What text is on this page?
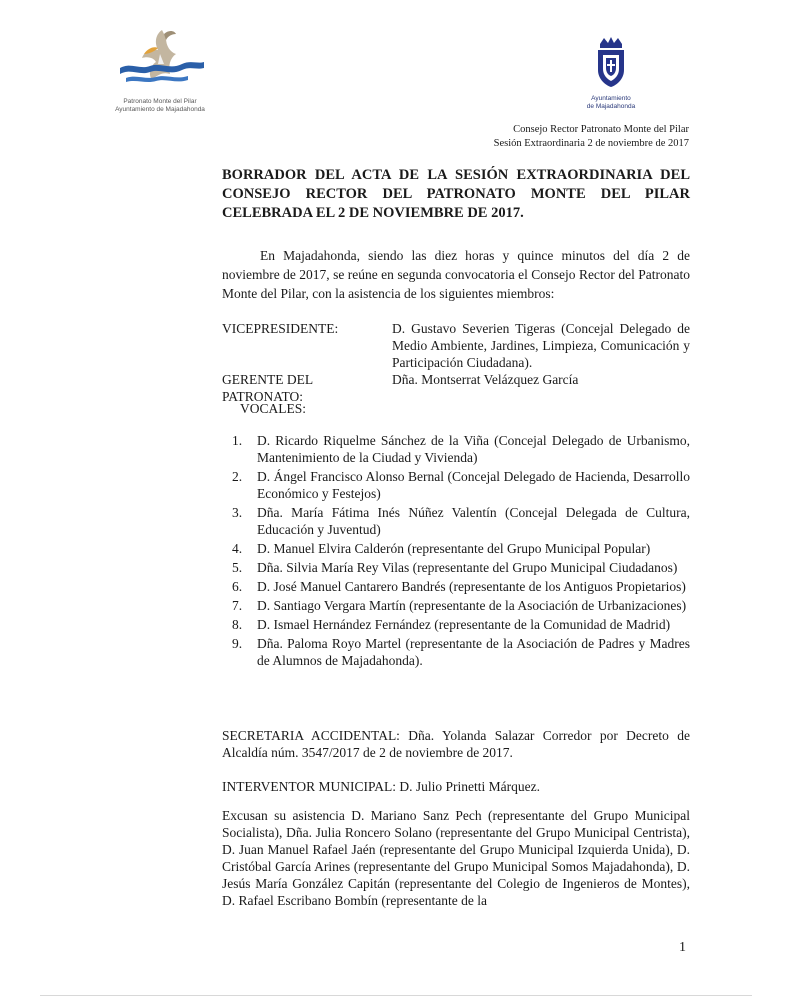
Patronato Monte del Pilar
Ayuntamiento de Majadahonda
Ayuntamiento
de Majadahonda
Consejo Rector Patronato Monte del Pilar
Sesión Extraordinaria 2 de noviembre de 2017
BORRADOR DEL ACTA DE LA SESIÓN EXTRAORDINARIA DEL CONSEJO RECTOR DEL PATRONATO MONTE DEL PILAR CELEBRADA EL 2 DE NOVIEMBRE DE 2017.
En Majadahonda, siendo las diez horas y quince minutos del día 2 de noviembre de 2017, se reúne en segunda convocatoria el Consejo Rector del Patronato Monte del Pilar, con la asistencia de los siguientes miembros:
VICEPRESIDENTE:	D. Gustavo Severien Tigeras (Concejal Delegado de Medio Ambiente, Jardines, Limpieza, Comunicación y Participación Ciudadana).
GERENTE DEL PATRONATO:
Dña. Montserrat Velázquez García
VOCALES:
1.	D. Ricardo Riquelme Sánchez de la Viña (Concejal Delegado de Urbanismo, Mantenimiento de la Ciudad y Vivienda)
2.	D. Ángel Francisco Alonso Bernal (Concejal Delegado de Hacienda, Desarrollo Económico y Festejos)
3.	Dña. María Fátima Inés Núñez Valentín (Concejal Delegada de Cultura, Educación y Juventud)
4.	D. Manuel Elvira Calderón (representante del Grupo Municipal Popular)
5.	Dña. Silvia María Rey Vilas (representante del Grupo Municipal Ciudadanos)
6.	D. José Manuel Cantarero Bandrés (representante de los Antiguos Propietarios)
7.	D. Santiago Vergara Martín (representante de la Asociación de Urbanizaciones)
8.	D. Ismael Hernández Fernández (representante de la Comunidad de Madrid)
9.	Dña. Paloma Royo Martel (representante de la Asociación de Padres y Madres de Alumnos de Majadahonda).
SECRETARIA ACCIDENTAL: Dña. Yolanda Salazar Corredor por Decreto de Alcaldía núm. 3547/2017 de 2 de noviembre de 2017.
INTERVENTOR MUNICIPAL: D. Julio Prinetti Márquez.
Excusan su asistencia D. Mariano Sanz Pech (representante del Grupo Municipal Socialista), Dña. Julia Roncero Solano (representante del Grupo Municipal Centrista), D. Juan Manuel Rafael Jaén (representante del Grupo Municipal Izquierda Unida), D. Cristóbal García Arines (representante del Grupo Municipal Somos Majadahonda), D. Jesús María González Capitán (representante del Colegio de Ingenieros de Montes), D. Rafael Escribano Bombín (representante de la
1
